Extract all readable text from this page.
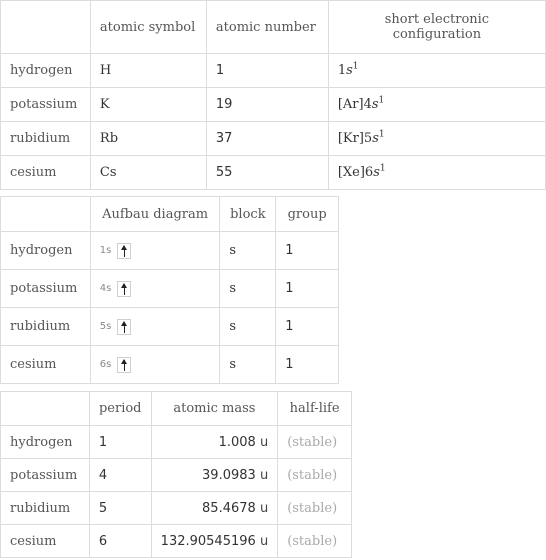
	atomic symbol	atomic number	short electronic configuration
hydrogen	H	1	$1s^1$
potassium	K	19	$[Ar]4s^1$
rubidium	Rb	37	$[Kr]5s^1$
cesium	Cs	55	$[Xe]6s^1$
	Aufbau diagram	block	group
hydrogen	1s	s	1
potassium	4s	s	1
rubidium	5s	s	1
cesium	6s	s	1
	period	atomic mass	half-life
hydrogen	1	1.008 u	(stable)
potassium	4	39.0983 u	(stable)
rubidium	5	85.4678 u	(stable)
cesium	6	132.90545196 u	(stable)
